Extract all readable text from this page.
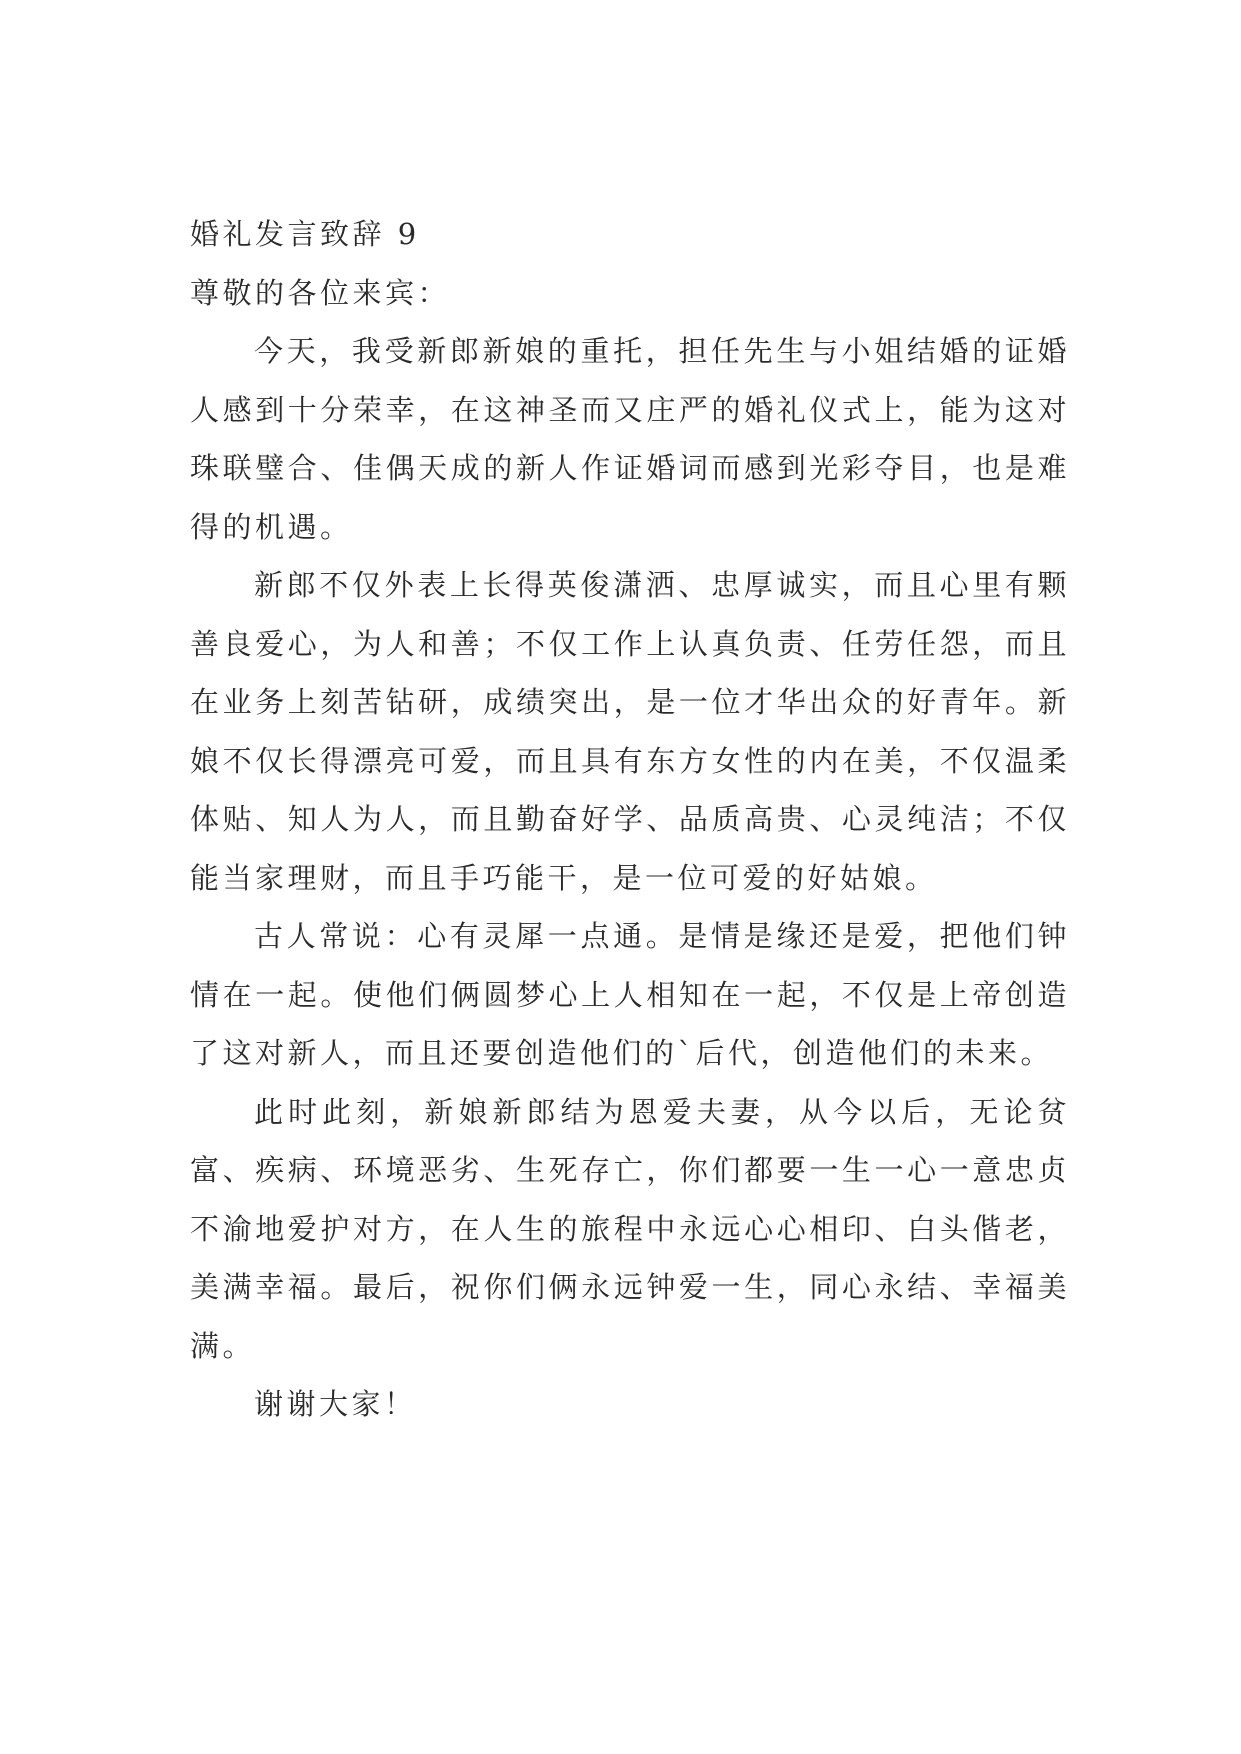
婚礼发言致辞 9

尊敬的各位来宾：

今天，我受新郎新娘的重托，担任先生与小姐结婚的证婚人感到十分荣幸，在这神圣而又庄严的婚礼仪式上，能为这对珠联璧合、佳偶天成的新人作证婚词而感到光彩夺目，也是难得的机遇。

新郎不仅外表上长得英俊潇洒、忠厚诚实，而且心里有颗善良爱心，为人和善；不仅工作上认真负责、任劳任怨，而且在业务上刻苦钻研，成绩突出，是一位才华出众的好青年。新娘不仅长得漂亮可爱，而且具有东方女性的内在美，不仅温柔体贴、知人为人，而且勤奋好学、品质高贵、心灵纯洁；不仅能当家理财，而且手巧能干，是一位可爱的好姑娘。

古人常说：心有灵犀一点通。是情是缘还是爱，把他们钟情在一起。使他们俩圆梦心上人相知在一起，不仅是上帝创造了这对新人，而且还要创造他们的`后代，创造他们的未来。

此时此刻，新娘新郎结为恩爱夫妻，从今以后，无论贫富、疾病、环境恶劣、生死存亡，你们都要一生一心一意忠贞不渝地爱护对方，在人生的旅程中永远心心相印、白头偕老，美满幸福。最后，祝你们俩永远钟爱一生，同心永结、幸福美满。

谢谢大家！
